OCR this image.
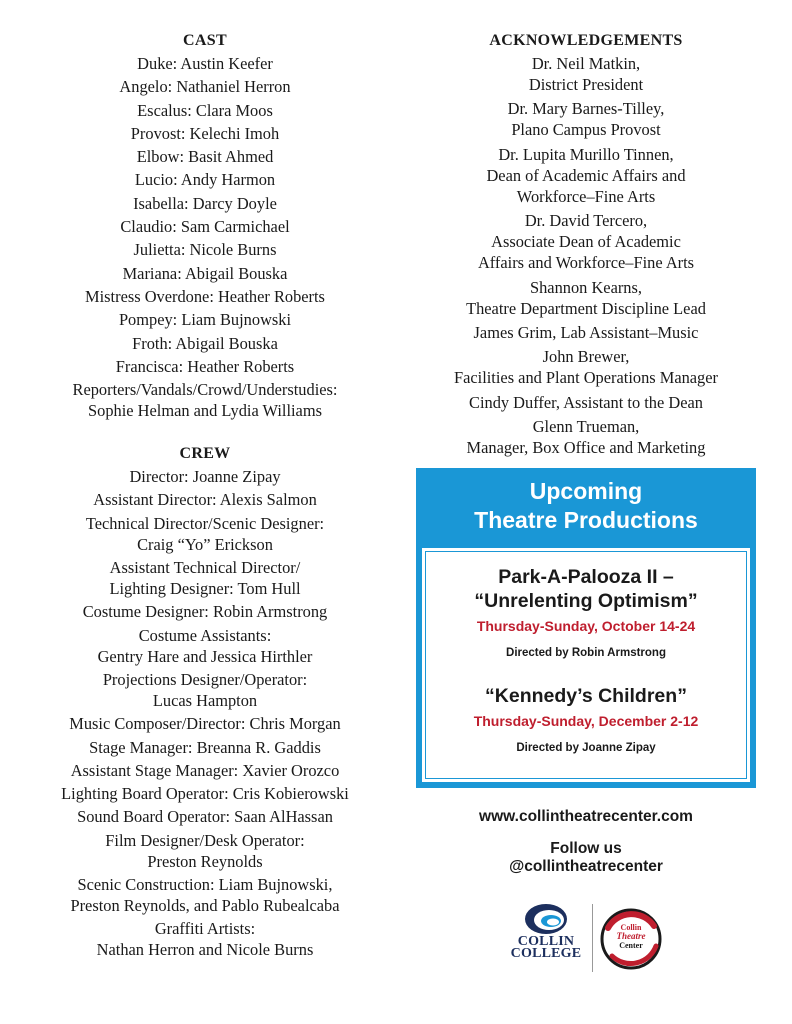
CAST
Duke: Austin Keefer
Angelo: Nathaniel Herron
Escalus: Clara Moos
Provost: Kelechi Imoh
Elbow: Basit Ahmed
Lucio: Andy Harmon
Isabella: Darcy Doyle
Claudio: Sam Carmichael
Julietta: Nicole Burns
Mariana: Abigail Bouska
Mistress Overdone: Heather Roberts
Pompey: Liam Bujnowski
Froth: Abigail Bouska
Francisca: Heather Roberts
Reporters/Vandals/Crowd/Understudies:
Sophie Helman and Lydia Williams
CREW
Director: Joanne Zipay
Assistant Director: Alexis Salmon
Technical Director/Scenic Designer:
Craig “Yo” Erickson
Assistant Technical Director/
Lighting Designer: Tom Hull
Costume Designer: Robin Armstrong
Costume Assistants:
Gentry Hare and Jessica Hirthler
Projections Designer/Operator:
Lucas Hampton
Music Composer/Director: Chris Morgan
Stage Manager: Breanna R. Gaddis
Assistant Stage Manager: Xavier Orozco
Lighting Board Operator: Cris Kobierowski
Sound Board Operator: Saan AlHassan
Film Designer/Desk Operator:
Preston Reynolds
Scenic Construction: Liam Bujnowski,
Preston Reynolds, and Pablo Rubealcaba
Graffiti Artists:
Nathan Herron and Nicole Burns
ACKNOWLEDGEMENTS
Dr. Neil Matkin,
District President
Dr. Mary Barnes-Tilley,
Plano Campus Provost
Dr. Lupita Murillo Tinnen,
Dean of Academic Affairs and
Workforce–Fine Arts
Dr. David Tercero,
Associate Dean of Academic
Affairs and Workforce–Fine Arts
Shannon Kearns,
Theatre Department Discipline Lead
James Grim, Lab Assistant–Music
John Brewer,
Facilities and Plant Operations Manager
Cindy Duffer, Assistant to the Dean
Glenn Trueman,
Manager, Box Office and Marketing
Upcoming
Theatre Productions
Park-A-Palooza II –
“Unrelenting Optimism”
Thursday-Sunday, October 14-24
Directed by Robin Armstrong
“Kennedy’s Children”
Thursday-Sunday, December 2-12
Directed by Joanne Zipay
www.collintheatrecenter.com
Follow us
@collintheatrecenter
COLLIN
COLLEGE
Collin
Theatre
Center
